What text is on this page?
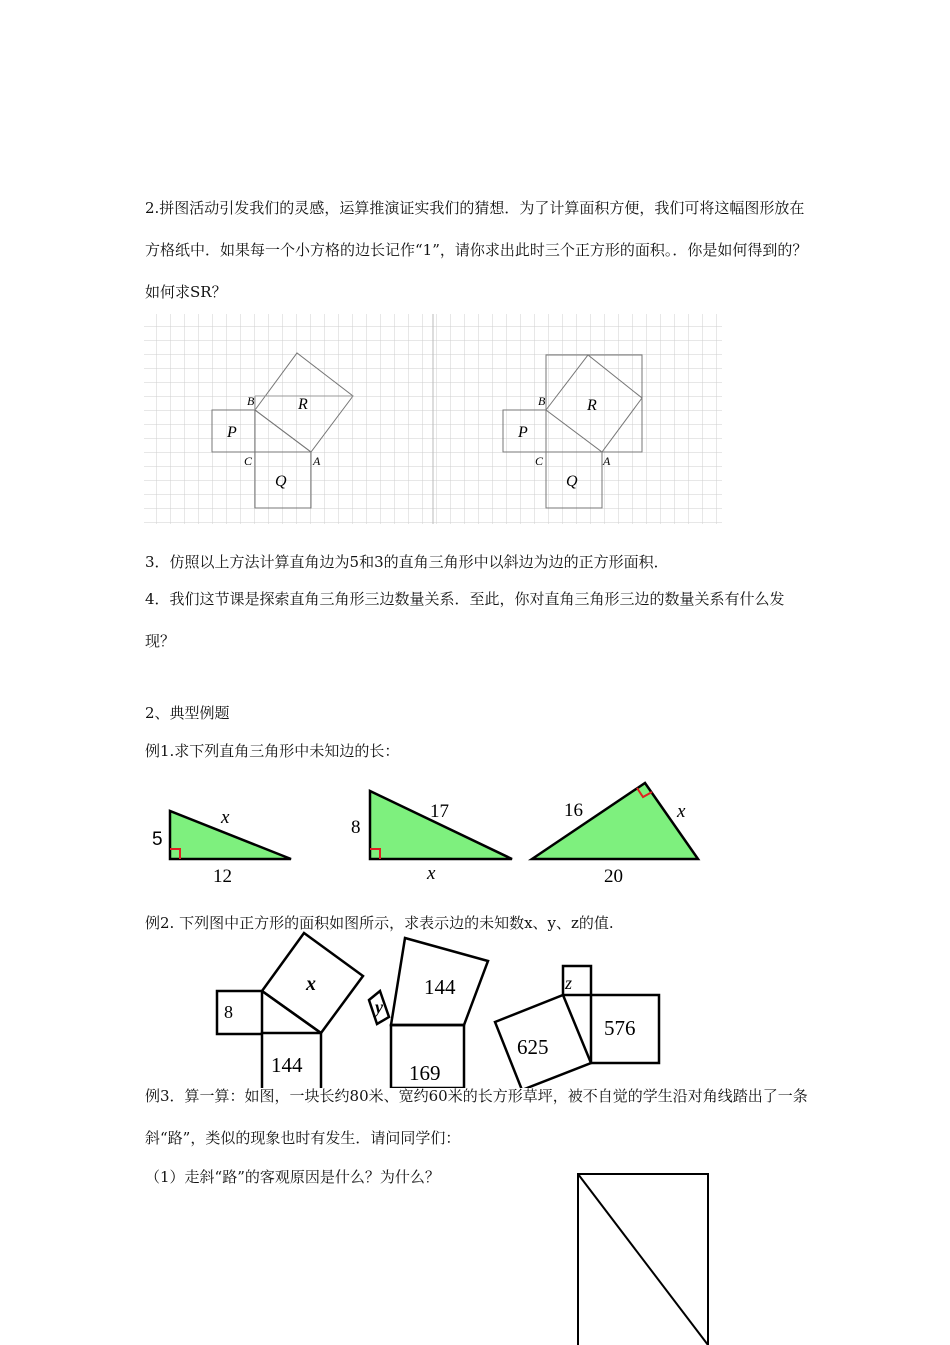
2.拼图活动引发我们的灵感，运算推演证实我们的猜想．为了计算面积方便，我们可将这幅图形放在方格纸中．如果每一个小方格的边长记作“1”，请你求出此时三个正方形的面积。．你是如何得到的？如何求SR？

B
C	A
P
Q
R	B
C	A
P
Q
R

3．仿照以上方法计算直角边为5和3的直角三角形中以斜边为边的正方形面积．

4．我们这节课是探索直角三角形三边数量关系．至此，你对直角三角形三边的数量关系有什么发现？

2、典型例题

例1.求下列直角三角形中未知边的长：

5
12
x	8
17
x
16	x
20

例2. 下列图中正方形的面积如图所示，求表示边的未知数x、y、z的值.

8
x
144
y
144
169
z
576
625

例3．算一算：如图，一块长约80米、宽约60米的长方形草坪，被不自觉的学生沿对角线踏出了一条斜“路”，类似的现象也时有发生．请问同学们：

（1）走斜“路”的客观原因是什么？为什么？
